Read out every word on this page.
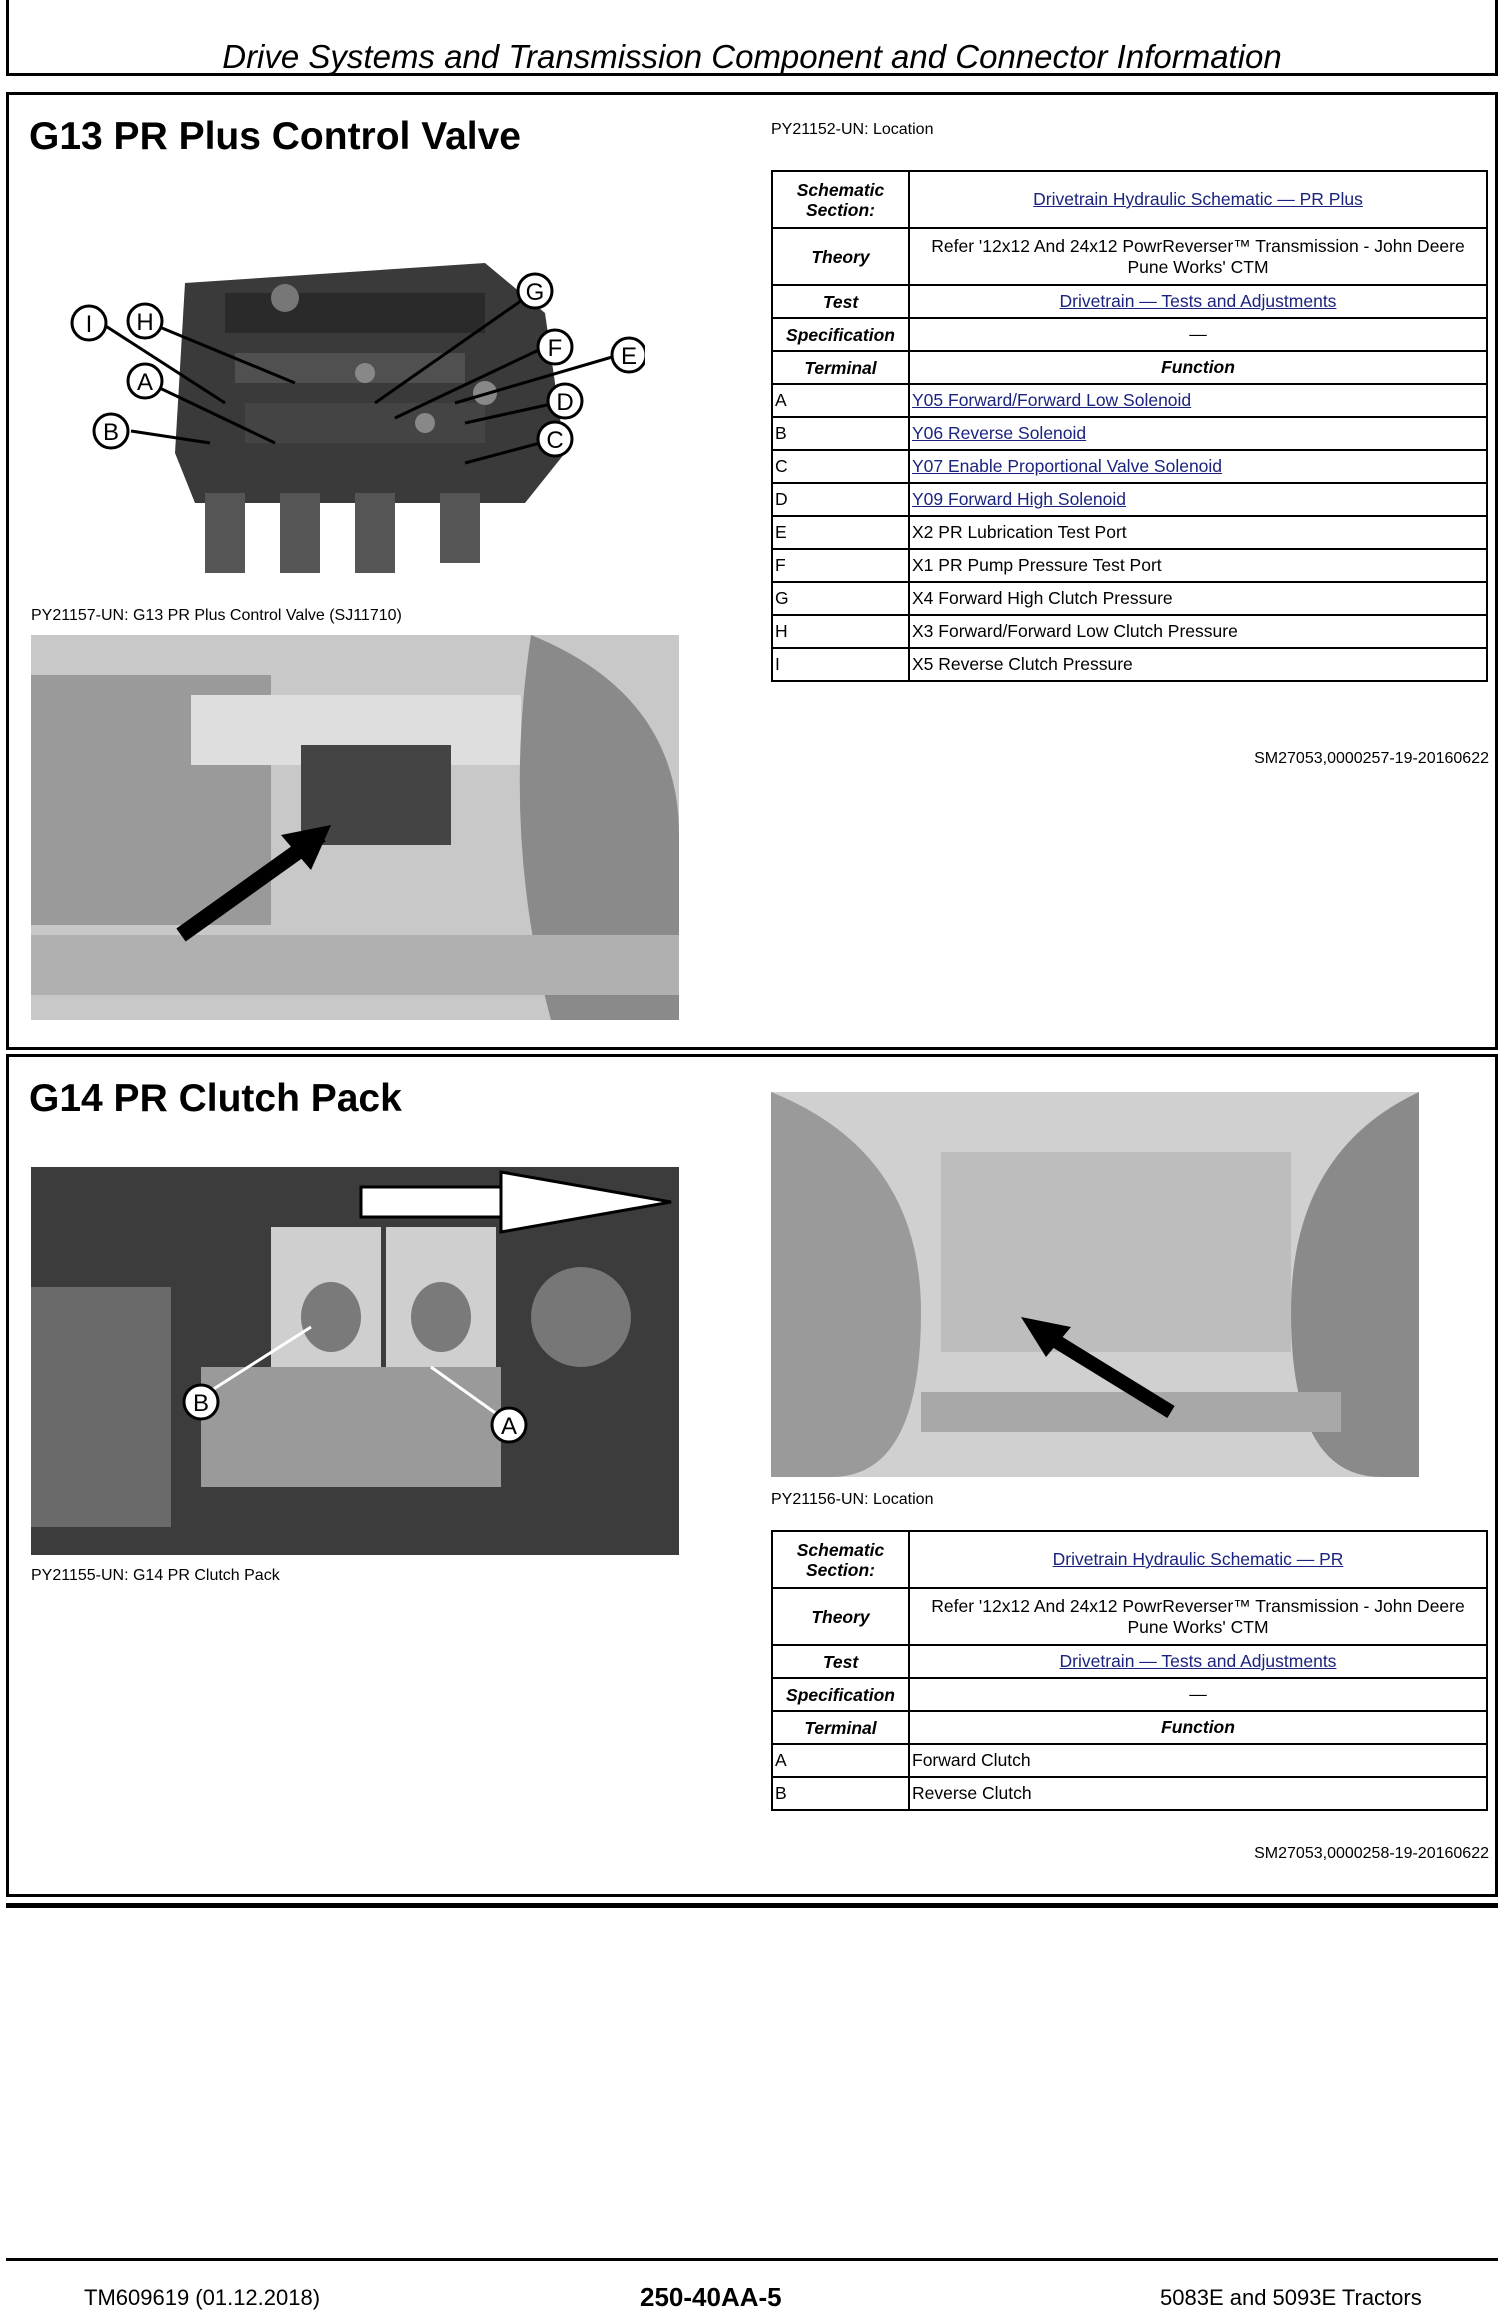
Drive Systems and Transmission Component and Connector Information
G13 PR Plus Control Valve	PY21152-UN: Location
G
I H
F E
A
D
B	C
PY21157-UN: G13 PR Plus Control Valve (SJ11710)
Schematic Section:	Drivetrain Hydraulic Schematic — PR Plus
Theory	Refer '12x12 And 24x12 PowrReverser™ Transmission - John Deere Pune Works' CTM
Test	Drivetrain — Tests and Adjustments
Specification	—
Terminal	Function
A	Y05 Forward/Forward Low Solenoid
B	Y06 Reverse Solenoid
C	Y07 Enable Proportional Valve Solenoid
D	Y09 Forward High Solenoid
E	X2 PR Lubrication Test Port
F	X1 PR Pump Pressure Test Port
G	X4 Forward High Clutch Pressure
H	X3 Forward/Forward Low Clutch Pressure
I	X5 Reverse Clutch Pressure
SM27053,0000257-19-20160622
G14 PR Clutch Pack
B
A
PY21155-UN: G14 PR Clutch Pack
PY21156-UN: Location
Schematic Section:	Drivetrain Hydraulic Schematic — PR
Theory	Refer '12x12 And 24x12 PowrReverser™ Transmission - John Deere Pune Works' CTM
Test	Drivetrain — Tests and Adjustments
Specification	—
Terminal	Function
A	Forward Clutch
B	Reverse Clutch
SM27053,0000258-19-20160622
TM609619 (01.12.2018)	250-40AA-5	5083E and 5093E Tractors
